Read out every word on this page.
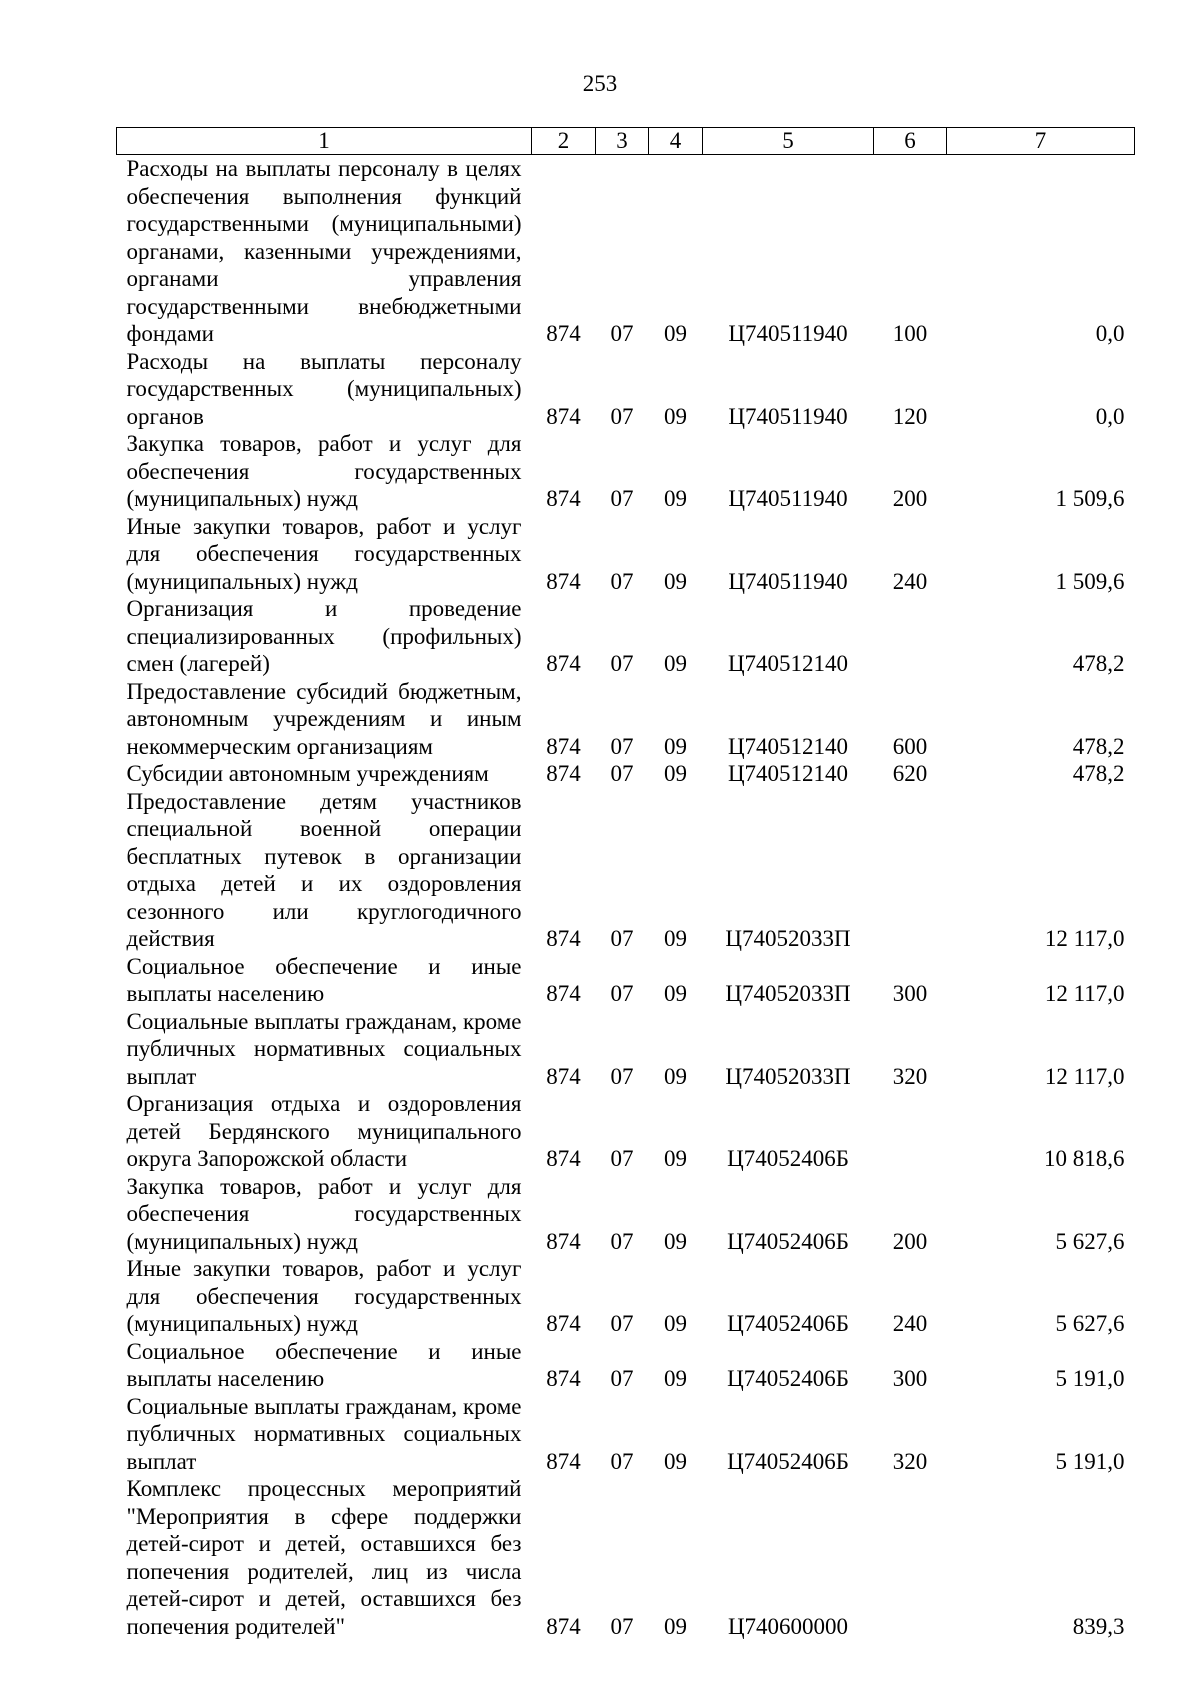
253
1	2	3	4	5	6	7
Расходы на выплаты персоналу в целях обеспечения выполнения функций государственными (муниципальными) органами, казенными учреждениями, органами управления государственными внебюджетными фондами	874	07	09	Ц740511940	100	0,0
Расходы на выплаты персоналу государственных (муниципальных) органов	874	07	09	Ц740511940	120	0,0
Закупка товаров, работ и услуг для обеспечения государственных (муниципальных) нужд	874	07	09	Ц740511940	200	1 509,6
Иные закупки товаров, работ и услуг для обеспечения государственных (муниципальных) нужд	874	07	09	Ц740511940	240	1 509,6
Организация и проведение специализированных (профильных) смен (лагерей)	874	07	09	Ц740512140		478,2
Предоставление субсидий бюджетным, автономным учреждениям и иным некоммерческим организациям	874	07	09	Ц740512140	600	478,2
Субсидии автономным учреждениям	874	07	09	Ц740512140	620	478,2
Предоставление детям участников специальной военной операции бесплатных путевок в организации отдыха детей и их оздоровления сезонного или круглогодичного действия	874	07	09	Ц74052033П		12 117,0
Социальное обеспечение и иные выплаты населению	874	07	09	Ц74052033П	300	12 117,0
Социальные выплаты гражданам, кроме публичных нормативных социальных выплат	874	07	09	Ц74052033П	320	12 117,0
Организация отдыха и оздоровления детей Бердянского муниципального округа Запорожской области	874	07	09	Ц74052406Б		10 818,6
Закупка товаров, работ и услуг для обеспечения государственных (муниципальных) нужд	874	07	09	Ц74052406Б	200	5 627,6
Иные закупки товаров, работ и услуг для обеспечения государственных (муниципальных) нужд	874	07	09	Ц74052406Б	240	5 627,6
Социальное обеспечение и иные выплаты населению	874	07	09	Ц74052406Б	300	5 191,0
Социальные выплаты гражданам, кроме публичных нормативных социальных выплат	874	07	09	Ц74052406Б	320	5 191,0
Комплекс процессных мероприятий "Мероприятия в сфере поддержки детей-сирот и детей, оставшихся без попечения родителей, лиц из числа детей-сирот и детей, оставшихся без попечения родителей"	874	07	09	Ц740600000		839,3
